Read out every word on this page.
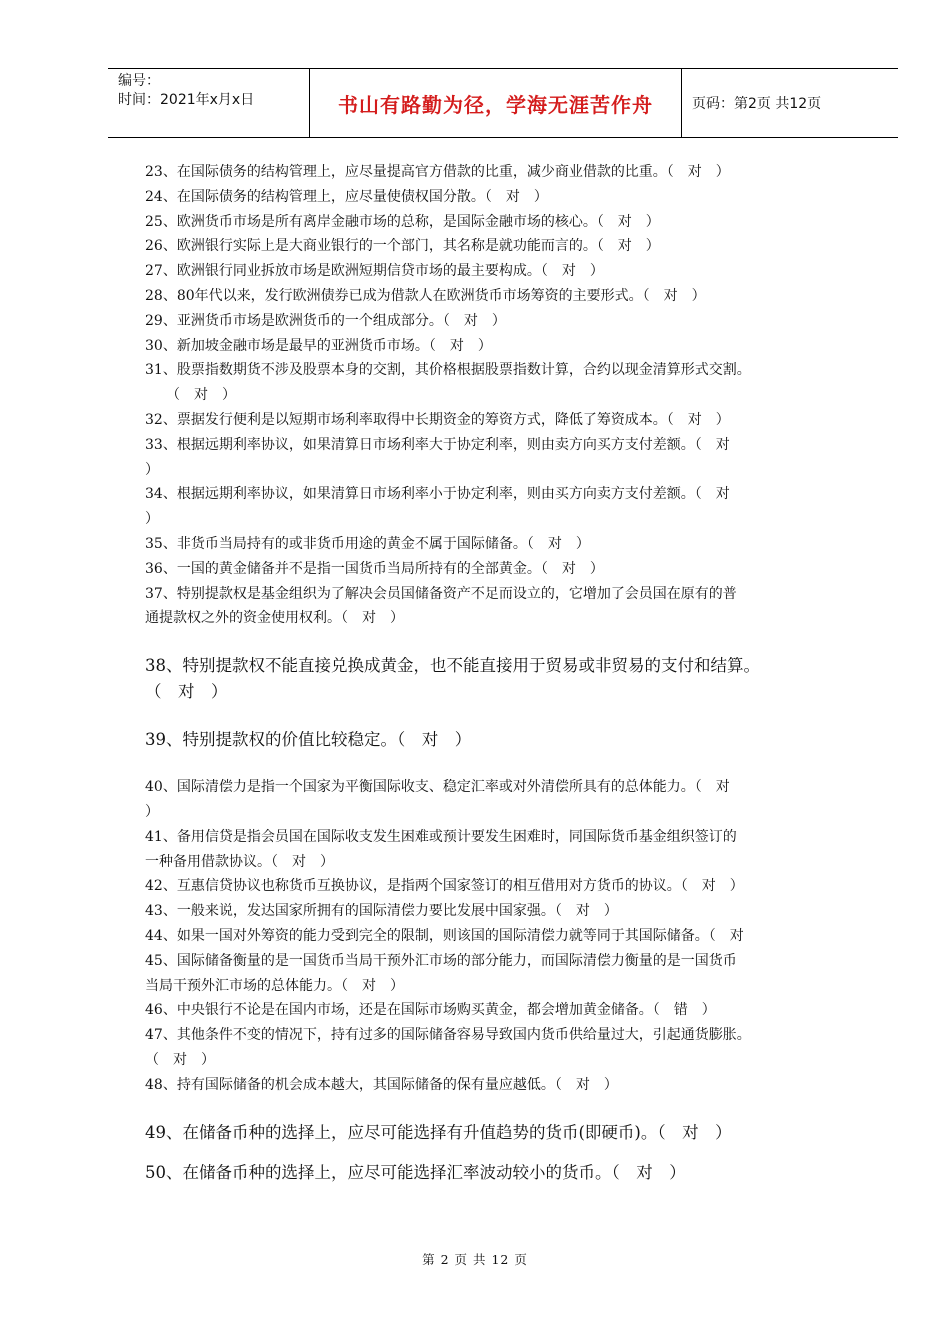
编号：
时间：2021年x月x日	书山有路勤为径，学海无涯苦作舟	页码：第2页 共12页

23、在国际债务的结构管理上，应尽量提高官方借款的比重，减少商业借款的比重。（　对　）

24、在国际债务的结构管理上，应尽量使债权国分散。（　对　）

25、欧洲货币市场是所有离岸金融市场的总称，是国际金融市场的核心。（　对　）

26、欧洲银行实际上是大商业银行的一个部门，其名称是就功能而言的。（　对　）

27、欧洲银行同业拆放市场是欧洲短期信贷市场的最主要构成。（　对　）

28、80年代以来，发行欧洲债券已成为借款人在欧洲货币市场筹资的主要形式。（　对　）

29、亚洲货币市场是欧洲货币的一个组成部分。（　对　）

30、新加坡金融市场是最早的亚洲货币市场。（　对　）

31、股票指数期货不涉及股票本身的交割，其价格根据股票指数计算，合约以现金清算形式交割。

　　（　对　）

32、票据发行便利是以短期市场利率取得中长期资金的筹资方式，降低了筹资成本。（　对　）

33、根据远期利率协议，如果清算日市场利率大于协定利率，则由卖方向买方支付差额。（　对

）

34、根据远期利率协议，如果清算日市场利率小于协定利率，则由买方向卖方支付差额。（　对

）

35、非货币当局持有的或非货币用途的黄金不属于国际储备。（　对　）

36、一国的黄金储备并不是指一国货币当局所持有的全部黄金。（　对　）

37、特别提款权是基金组织为了解决会员国储备资产不足而设立的，它增加了会员国在原有的普

通提款权之外的资金使用权利。（　对　）

38、特别提款权不能直接兑换成黄金，也不能直接用于贸易或非贸易的支付和结算。

（　对　）

39、特别提款权的价值比较稳定。（　对　）

40、国际清偿力是指一个国家为平衡国际收支、稳定汇率或对外清偿所具有的总体能力。（　对

）

41、备用信贷是指会员国在国际收支发生困难或预计要发生困难时，同国际货币基金组织签订的

一种备用借款协议。（　对　）

42、互惠信贷协议也称货币互换协议，是指两个国家签订的相互借用对方货币的协议。（　对　）

43、一般来说，发达国家所拥有的国际清偿力要比发展中国家强。（　对　）

44、如果一国对外筹资的能力受到完全的限制，则该国的国际清偿力就等同于其国际储备。（　对

45、国际储备衡量的是一国货币当局干预外汇市场的部分能力，而国际清偿力衡量的是一国货币

当局干预外汇市场的总体能力。（　对　）

46、中央银行不论是在国内市场，还是在国际市场购买黄金，都会增加黄金储备。（　错　）

47、其他条件不变的情况下，持有过多的国际储备容易导致国内货币供给量过大，引起通货膨胀。

（　对　）

48、持有国际储备的机会成本越大，其国际储备的保有量应越低。（　对　）

49、在储备币种的选择上，应尽可能选择有升值趋势的货币(即硬币)。（　对　）

50、在储备币种的选择上，应尽可能选择汇率波动较小的货币。（　对　）

第 2 页 共 12 页
